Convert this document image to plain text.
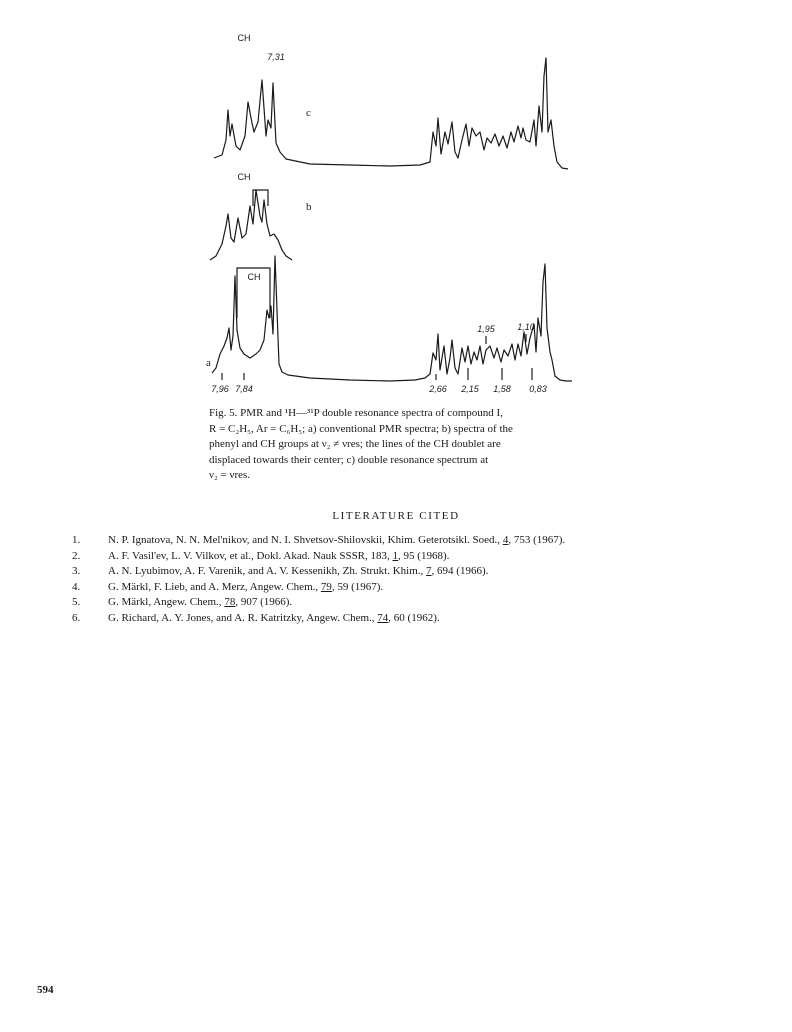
CH
7,31
c
CH
b
CH
a
1,95 1,10
7,96 7,84	2,66 2,15 1,58 0,83

Fig. 5. PMR and ¹H—³¹P double resonance spectra of compound I,

R = C₂H₅, Ar = C₆H₅; a) conventional PMR spectra; b) spectra of the

phenyl and CH groups at ν₂ ≠ νres; the lines of the CH doublet are

displaced towards their center; c) double resonance spectrum at

ν₂ = νres.

LITERATURE CITED
1.	N. P. Ignatova, N. N. Mel'nikov, and N. I. Shvetsov-Shilovskii, Khim. Geterotsikl. Soed., 4, 753 (1967).
2.	A. F. Vasil'ev, L. V. Vilkov, et al., Dokl. Akad. Nauk SSSR, 183, 1, 95 (1968).
3.	A. N. Lyubimov, A. F. Varenik, and A. V. Kessenikh, Zh. Strukt. Khim., 7, 694 (1966).
4.	G. Märkl, F. Lieb, and A. Merz, Angew. Chem., 79, 59 (1967).
5.	G. Märkl, Angew. Chem., 78, 907 (1966).
6.	G. Richard, A. Y. Jones, and A. R. Katritzky, Angew. Chem., 74, 60 (1962).
594
